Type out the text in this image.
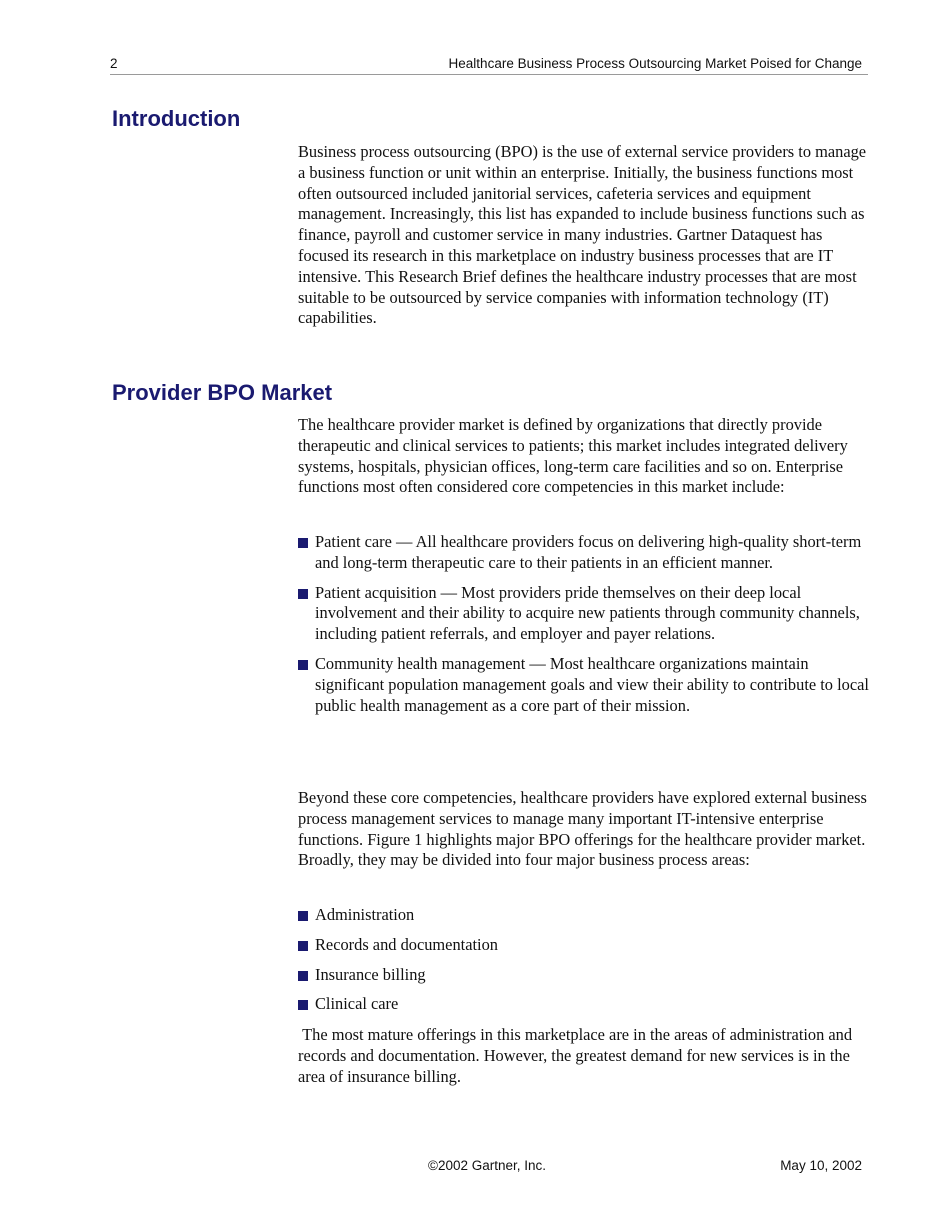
2	Healthcare Business Process Outsourcing Market Poised for Change
Introduction

Business process outsourcing (BPO) is the use of external service providers to manage a business function or unit within an enterprise. Initially, the business functions most often outsourced included janitorial services, cafeteria services and equipment management. Increasingly, this list has expanded to include business functions such as finance, payroll and customer service in many industries. Gartner Dataquest has focused its research in this marketplace on industry business processes that are IT intensive. This Research Brief defines the healthcare industry processes that are most suitable to be outsourced by service companies with information technology (IT) capabilities.

Provider BPO Market

The healthcare provider market is defined by organizations that directly provide therapeutic and clinical services to patients; this market includes integrated delivery systems, hospitals, physician offices, long-term care facilities and so on. Enterprise functions most often considered core competencies in this market include:

Patient care — All healthcare providers focus on delivering high-quality short-term and long-term therapeutic care to their patients in an efficient manner.
Patient acquisition — Most providers pride themselves on their deep local involvement and their ability to acquire new patients through community channels, including patient referrals, and employer and payer relations.
Community health management — Most healthcare organizations maintain significant population management goals and view their ability to contribute to local public health management as a core part of their mission.

Beyond these core competencies, healthcare providers have explored external business process management services to manage many important IT-intensive enterprise functions. Figure 1 highlights major BPO offerings for the healthcare provider market. Broadly, they may be divided into four major business process areas:

Administration
Records and documentation
Insurance billing
Clinical care

The most mature offerings in this marketplace are in the areas of administration and records and documentation. However, the greatest demand for new services is in the area of insurance billing.

©2002 Gartner, Inc.	May 10, 2002
